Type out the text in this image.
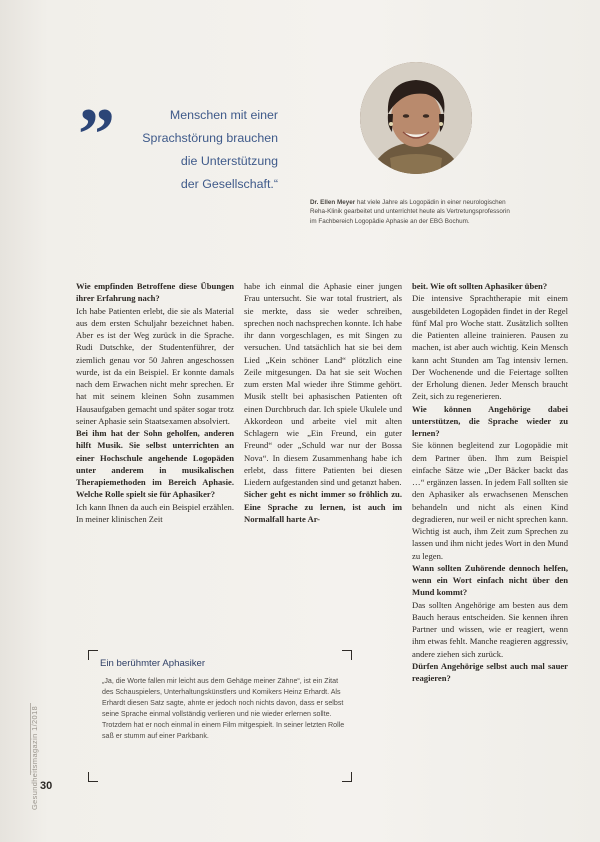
”	Menschen mit einer
Sprachstörung brauchen
die Unterstützung
der Gesellschaft.“
Dr. Ellen Meyer hat viele Jahre als Logopädin in einer neurologischen Reha-Klinik gearbeitet und unterrichtet heute als Vertretungsprofessorin im Fachbereich Logopädie Aphasie an der EBG Bochum.

Wie empfinden Betroffene diese Übungen ihrer Erfahrung nach?

Ich habe Patienten erlebt, die sie als Material aus dem ersten Schuljahr bezeichnet haben. Aber es ist der Weg zurück in die Sprache. Rudi Dutschke, der Studentenführer, der ziemlich genau vor 50 Jahren angeschossen wurde, ist da ein Beispiel. Er konnte damals nach dem Erwachen nicht mehr sprechen. Er hat mit seinem kleinen Sohn zusammen Hausaufgaben gemacht und später sogar trotz seiner Aphasie sein Staatsexamen absolviert.

Bei ihm hat der Sohn geholfen, anderen hilft Musik. Sie selbst unterrichten an einer Hochschule angehende Logopäden unter anderem in musikalischen Therapiemethoden im Bereich Aphasie. Welche Rolle spielt sie für Aphasiker?

Ich kann Ihnen da auch ein Beispiel erzählen. In meiner klinischen Zeit

habe ich einmal die Aphasie einer jungen Frau untersucht. Sie war total frustriert, als sie merkte, dass sie weder schreiben, sprechen noch nachsprechen konnte. Ich habe ihr dann vorgeschlagen, es mit Singen zu versuchen. Und tatsächlich hat sie bei dem Lied „Kein schöner Land“ plötzlich eine Zeile mitgesungen. Da hat sie seit Wochen zum ersten Mal wieder ihre Stimme gehört. Musik stellt bei aphasischen Patienten oft einen Durchbruch dar. Ich spiele Ukulele und Akkordeon und arbeite viel mit alten Schlagern wie „Ein Freund, ein guter Freund“ oder „Schuld war nur der Bossa Nova“. In diesem Zusammenhang habe ich erlebt, dass fittere Patienten bei diesen Liedern aufgestanden sind und getanzt haben.

Sicher geht es nicht immer so fröhlich zu. Eine Sprache zu lernen, ist auch im Normalfall harte Ar-

beit. Wie oft sollten Aphasiker üben?

Die intensive Sprachtherapie mit einem ausgebildeten Logopäden findet in der Regel fünf Mal pro Woche statt. Zusätzlich sollten die Patienten alleine trainieren. Pausen zu machen, ist aber auch wichtig. Kein Mensch kann acht Stunden am Tag intensiv lernen. Der Wochenende und die Feiertage sollten der Erholung dienen. Jeder Mensch braucht Zeit, sich zu regenerieren.

Wie können Angehörige dabei unterstützen, die Sprache wieder zu lernen?

Sie können begleitend zur Logopädie mit dem Partner üben. Ihm zum Beispiel einfache Sätze wie „Der Bäcker backt das …“ ergänzen lassen. In jedem Fall sollten sie den Aphasiker als erwachsenen Menschen behandeln und nicht als einen Kind degradieren, nur weil er nicht sprechen kann. Wichtig ist auch, ihm Zeit zum Sprechen zu lassen und ihm nicht jedes Wort in den Mund zu legen.

Wann sollten Zuhörende dennoch helfen, wenn ein Wort einfach nicht über den Mund kommt?

Das sollten Angehörige am besten aus dem Bauch heraus entscheiden. Sie kennen ihren Partner und wissen, wie er reagiert, wenn ihm etwas fehlt. Manche reagieren aggressiv, andere ziehen sich zurück.

Dürfen Angehörige selbst auch mal sauer reagieren?

Ein berühmter Aphasiker
„Ja, die Worte fallen mir leicht aus dem Gehäge meiner Zähne“, ist ein Zitat des Schauspielers, Unterhaltungskünstlers und Komikers Heinz Erhardt. Als Erhardt diesen Satz sagte, ahnte er jedoch noch nichts davon, dass er selbst seine Sprache einmal vollständig verlieren und nie wieder erlernen sollte. Trotzdem hat er noch einmal in einem Film mitgespielt. In seiner letzten Rolle saß er stumm auf einer Parkbank.
Gesundheitsmagazin 1/2018 30
